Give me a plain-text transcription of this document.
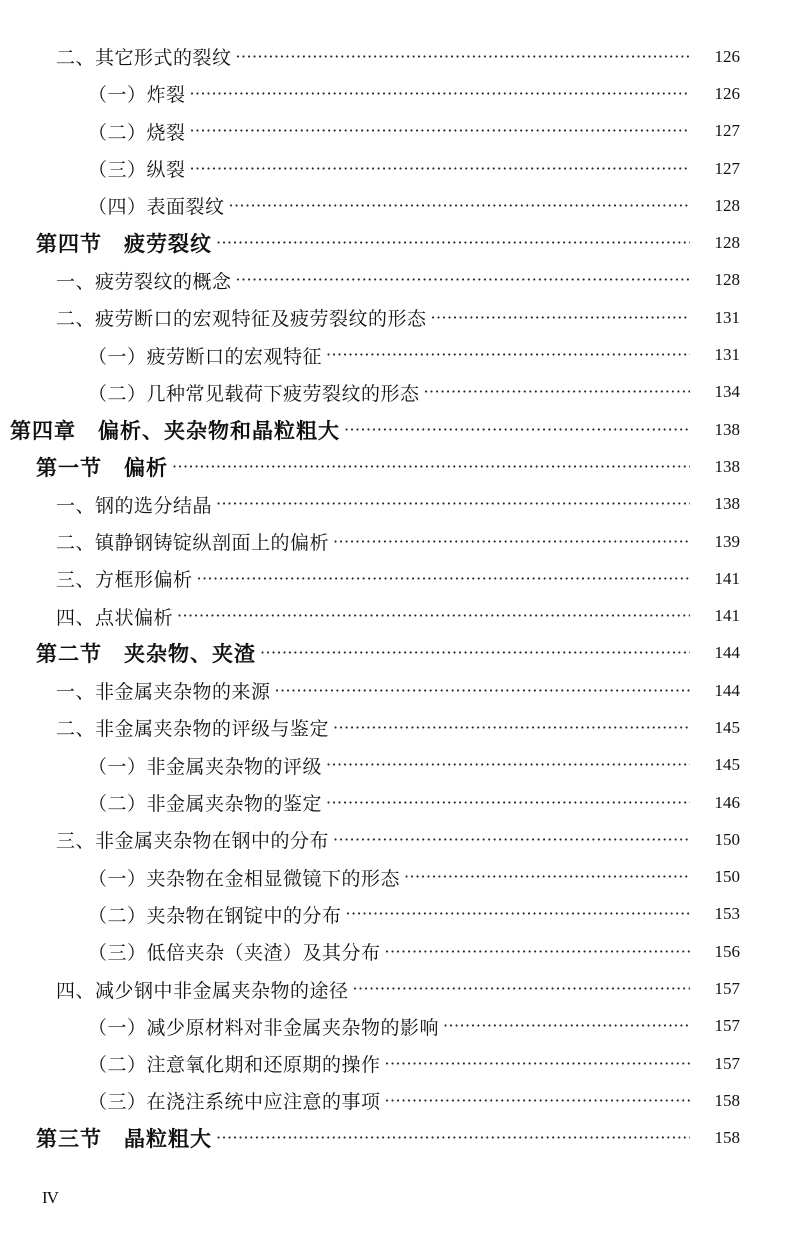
二、其它形式的裂纹 ·····	126
（一）炸裂 ·····	126
（二）烧裂 ·····	127
（三）纵裂 ·····	127
（四）表面裂纹 ·····	128
第四节　疲劳裂纹 ·····	128
一、疲劳裂纹的概念 ·····	128
二、疲劳断口的宏观特征及疲劳裂纹的形态 ·····	131
（一）疲劳断口的宏观特征 ·····	131
（二）几种常见载荷下疲劳裂纹的形态 ·····	134
第四章　偏析、夹杂物和晶粒粗大 ·····	138
第一节　偏析 ·····	138
一、钢的选分结晶 ·····	138
二、镇静钢铸锭纵剖面上的偏析 ·····	139
三、方框形偏析 ·····	141
四、点状偏析 ·····	141
第二节　夹杂物、夹渣 ·····	144
一、非金属夹杂物的来源 ·····	144
二、非金属夹杂物的评级与鉴定 ·····	145
（一）非金属夹杂物的评级 ·····	145
（二）非金属夹杂物的鉴定 ·····	146
三、非金属夹杂物在钢中的分布 ·····	150
（一）夹杂物在金相显微镜下的形态 ·····	150
（二）夹杂物在钢锭中的分布 ·····	153
（三）低倍夹杂（夹渣）及其分布 ·····	156
四、减少钢中非金属夹杂物的途径 ·····	157
（一）减少原材料对非金属夹杂物的影响 ·····	157
（二）注意氧化期和还原期的操作 ·····	157
（三）在浇注系统中应注意的事项 ·····	158
第三节　晶粒粗大 ·····	158
IV
